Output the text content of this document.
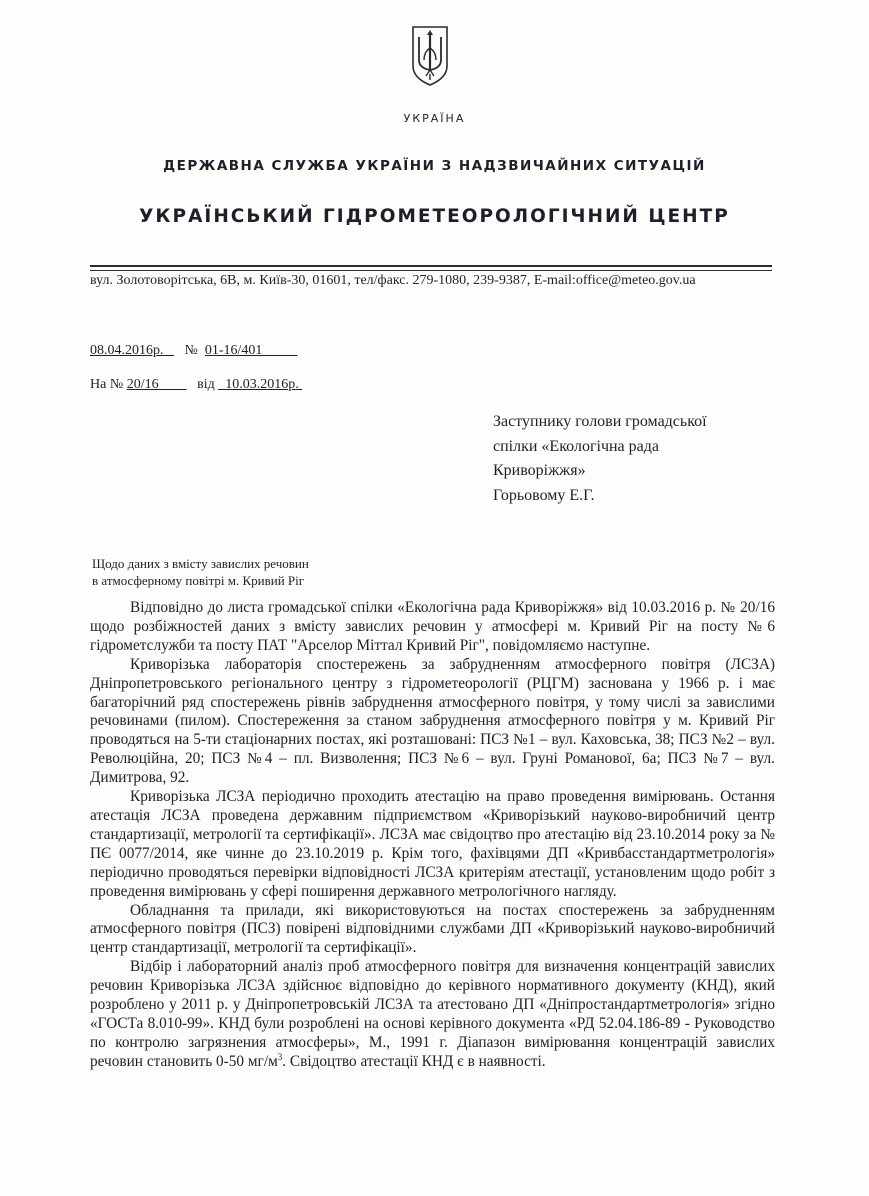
УКРАЇНА
ДЕРЖАВНА СЛУЖБА УКРАЇНИ З НАДЗВИЧАЙНИХ СИТУАЦІЙ
УКРАЇНСЬКИЙ ГІДРОМЕТЕОРОЛОГІЧНИЙ ЦЕНТР
вул. Золотоворітська, 6В, м. Київ-30, 01601, тел/факс. 279-1080, 239-9387, E-mail:office@meteo.gov.ua
08.04.2016р. № 01-16/401
На № 20/16	від 10.03.2016р.
Заступнику голови громадської
спілки «Екологічна рада
Криворіжжя»
Горьовому Е.Г.
Щодо даних з вмісту завислих речовин
в атмосферному повітрі м. Кривий Ріг

Відповідно до листа громадської спілки «Екологічна рада Криворіжжя» від 10.03.2016 р. № 20/16 щодо розбіжностей даних з вмісту завислих речовин у атмосфері м. Кривий Ріг на посту №6 гідрометслужби та посту ПАТ "Арселор Міттал Кривий Ріг", повідомляємо наступне.

Криворізька лабораторія спостережень за забрудненням атмосферного повітря (ЛСЗА) Дніпропетровського регіонального центру з гідрометеорології (РЦГМ) заснована у 1966 р. і має багаторічний ряд спостережень рівнів забруднення атмосферного повітря, у тому числі за завислими речовинами (пилом). Спостереження за станом забруднення атмосферного повітря у м. Кривий Ріг проводяться на 5-ти стаціонарних постах, які розташовані: ПСЗ №1 – вул. Каховська, 38; ПСЗ №2 – вул. Революційна, 20; ПСЗ №4 – пл. Визволення; ПСЗ №6 – вул. Груні Романової, 6а; ПСЗ №7 – вул. Димитрова, 92.

Криворізька ЛСЗА періодично проходить атестацію на право проведення вимірювань. Остання атестація ЛСЗА проведена державним підприємством «Криворізький науково-виробничий центр стандартизації, метрології та сертифікації». ЛСЗА має свідоцтво про атестацію від 23.10.2014 року за № ПЄ 0077/2014, яке чинне до 23.10.2019 р. Крім того, фахівцями ДП «Кривбасстандартметрологія» періодично проводяться перевірки відповідності ЛСЗА критеріям атестації, установленим щодо робіт з проведення вимірювань у сфері поширення державного метрологічного нагляду.

Обладнання та прилади, які використовуються на постах спостережень за забрудненням атмосферного повітря (ПСЗ) повірені відповідними службами ДП «Криворізький науково-виробничий центр стандартизації, метрології та сертифікації».

Відбір і лабораторний аналіз проб атмосферного повітря для визначення концентрацій завислих речовин Криворізька ЛСЗА здійснює відповідно до керівного нормативного документу (КНД), який розроблено у 2011 р. у Дніпропетровській ЛСЗА та атестовано ДП «Дніпростандартметрологія» згідно «ГОСТа 8.010-99». КНД були розроблені на основі керівного документа «РД 52.04.186-89 - Руководство по контролю загрязнения атмосферы», М., 1991 г. Діапазон вимірювання концентрацій завислих речовин становить 0-50 $мг/м^3$. Свідоцтво атестації КНД є в наявності.
